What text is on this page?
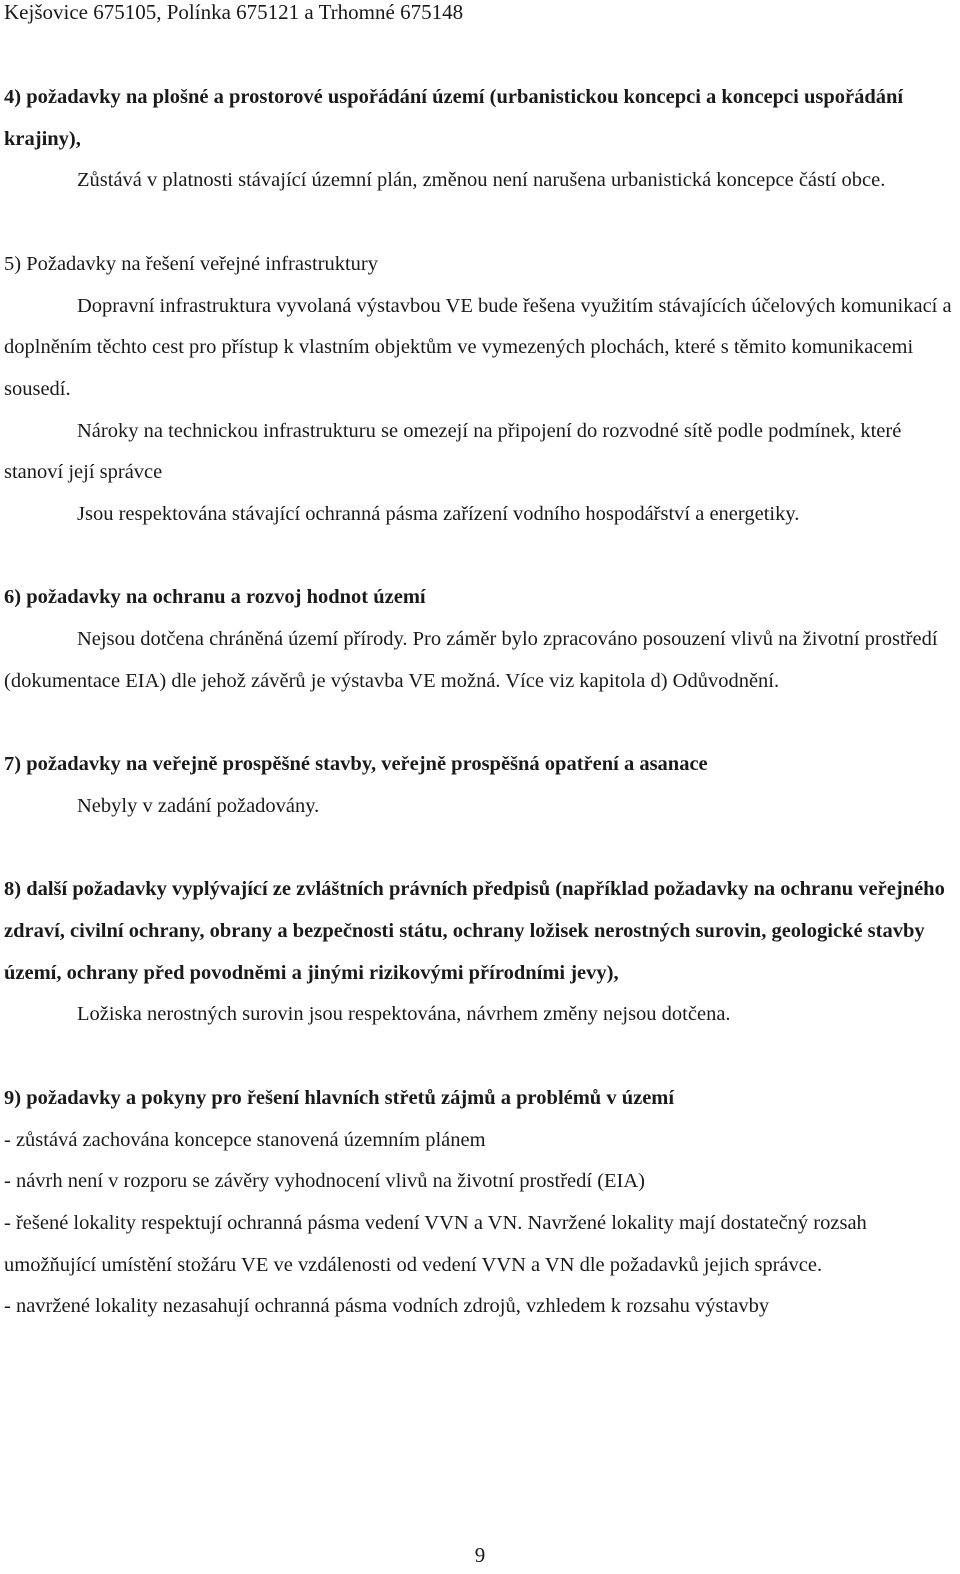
Kejšovice 675105, Polínka 675121 a Trhomné 675148

4) požadavky na plošné a prostorové uspořádání území (urbanistickou koncepci a koncepci uspořádání krajiny),

Zůstává v platnosti stávající územní plán, změnou není narušena urbanistická koncepce částí obce.

5) Požadavky na řešení veřejné infrastruktury

Dopravní infrastruktura vyvolaná výstavbou VE bude řešena využitím stávajících účelových komunikací a doplněním těchto cest pro přístup k vlastním objektům ve vymezených plochách, které s těmito komunikacemi sousedí.

Nároky na technickou infrastrukturu se omezejí na připojení do rozvodné sítě podle podmínek, které stanoví její správce

Jsou respektována stávající ochranná pásma zařízení vodního hospodářství a energetiky.

6) požadavky na ochranu a rozvoj hodnot území

Nejsou dotčena chráněná území přírody. Pro záměr bylo zpracováno posouzení vlivů na životní prostředí (dokumentace EIA) dle jehož závěrů je výstavba VE možná. Více viz kapitola d) Odůvodnění.

7) požadavky na veřejně prospěšné stavby, veřejně prospěšná opatření a asanace

Nebyly v zadání požadovány.

8) další požadavky vyplývající ze zvláštních právních předpisů (například požadavky na ochranu veřejného zdraví, civilní ochrany, obrany a bezpečnosti státu, ochrany ložisek nerostných surovin, geologické stavby území, ochrany před povodněmi a jinými rizikovými přírodními jevy),

Ložiska nerostných surovin jsou respektována, návrhem změny nejsou dotčena.

9) požadavky a pokyny pro řešení hlavních střetů zájmů a problémů v území

- zůstává zachována koncepce stanovená územním plánem

- návrh není v rozporu se závěry vyhodnocení vlivů na životní prostředí (EIA)

- řešené lokality respektují ochranná pásma vedení VVN a VN. Navržené lokality mají dostatečný rozsah umožňující umístění stožáru VE ve vzdálenosti od vedení VVN a VN dle požadavků jejich správce.

- navržené lokality nezasahují ochranná pásma vodních zdrojů, vzhledem k rozsahu výstavby

9
